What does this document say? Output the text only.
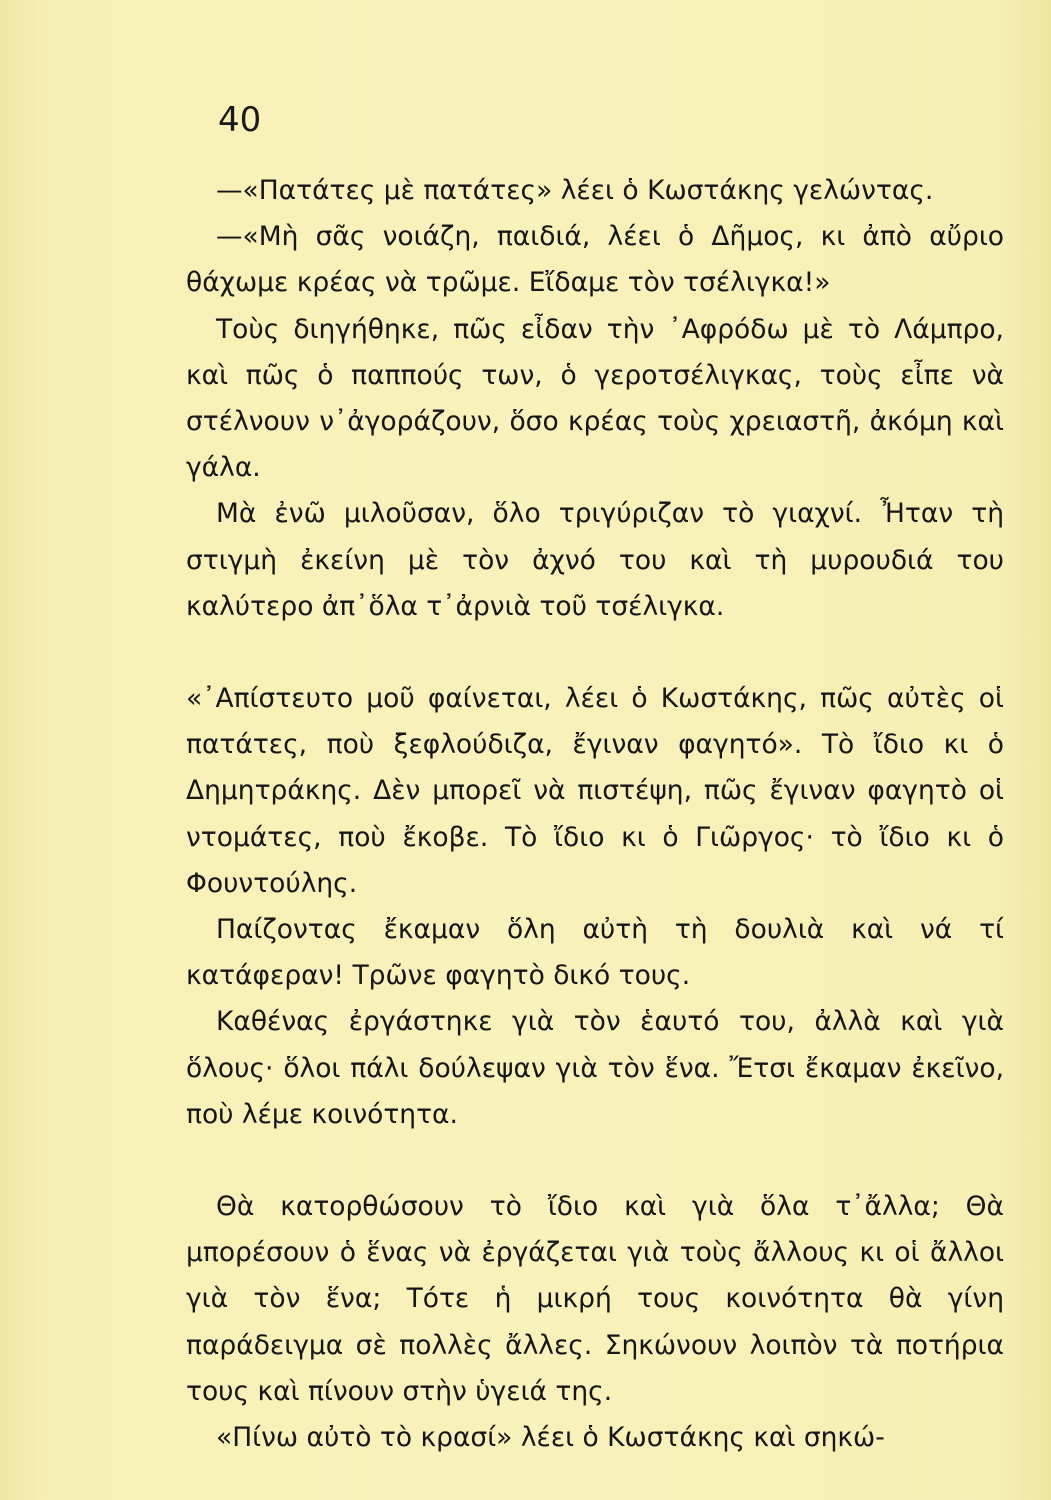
40

—«Πατάτες μὲ πατάτες» λέει ὁ Κωστάκης γελώντας.

—«Μὴ σᾶς νοιάζη, παιδιά, λέει ὁ Δῆμος, κι ἀπὸ αὔριο θάχωμε κρέας νὰ τρῶμε. Εἴδαμε τὸν τσέλιγκα!»

Τοὺς διηγήθηκε, πῶς εἶδαν τὴν ᾿Αφρόδω μὲ τὸ Λάμπρο, καὶ πῶς ὁ παππούς των, ὁ γεροτσέλιγκας, τοὺς εἶπε νὰ στέλνουν ν᾿ἀγοράζουν, ὅσο κρέας τοὺς χρειαστῆ, ἀκόμη καὶ γάλα.

Μὰ ἐνῶ μιλοῦσαν, ὅλο τριγύριζαν τὸ γιαχνί. Ἦταν τὴ στιγμὴ ἐκείνη μὲ τὸν ἀχνό του καὶ τὴ μυρουδιά του καλύτερο ἀπ᾿ὅλα τ᾿ἀρνιὰ τοῦ τσέλιγκα.

«᾿Απίστευτο μοῦ φαίνεται, λέει ὁ Κωστάκης, πῶς αὐτὲς οἱ πατάτες, ποὺ ξεφλούδιζα, ἔγιναν φαγητό». Τὸ ἴδιο κι ὁ Δημητράκης. Δὲν μπορεῖ νὰ πιστέψη, πῶς ἔγιναν φαγητὸ οἱ ντομάτες, ποὺ ἔκοβε. Τὸ ἴδιο κι ὁ Γιῶργος· τὸ ἴδιο κι ὁ Φουντούλης.

Παίζοντας ἔκαμαν ὅλη αὐτὴ τὴ δουλιὰ καὶ νά τί κατάφεραν! Τρῶνε φαγητὸ δικό τους.

Καθένας ἐργάστηκε γιὰ τὸν ἑαυτό του, ἀλλὰ καὶ γιὰ ὅλους· ὅλοι πάλι δούλεψαν γιὰ τὸν ἕνα. Ἔτσι ἔκαμαν ἐκεῖνο, ποὺ λέμε κοινότητα.

Θὰ κατορθώσουν τὸ ἴδιο καὶ γιὰ ὅλα τ᾿ἄλλα; Θὰ μπορέσουν ὁ ἕνας νὰ ἐργάζεται γιὰ τοὺς ἄλλους κι οἱ ἄλλοι γιὰ τὸν ἕνα; Τότε ἡ μικρή τους κοινότητα θὰ γίνη παράδειγμα σὲ πολλὲς ἄλλες. Σηκώνουν λοιπὸν τὰ ποτήρια τους καὶ πίνουν στὴν ὑγειά της.

«Πίνω αὐτὸ τὸ κρασί» λέει ὁ Κωστάκης καὶ σηκώ-
